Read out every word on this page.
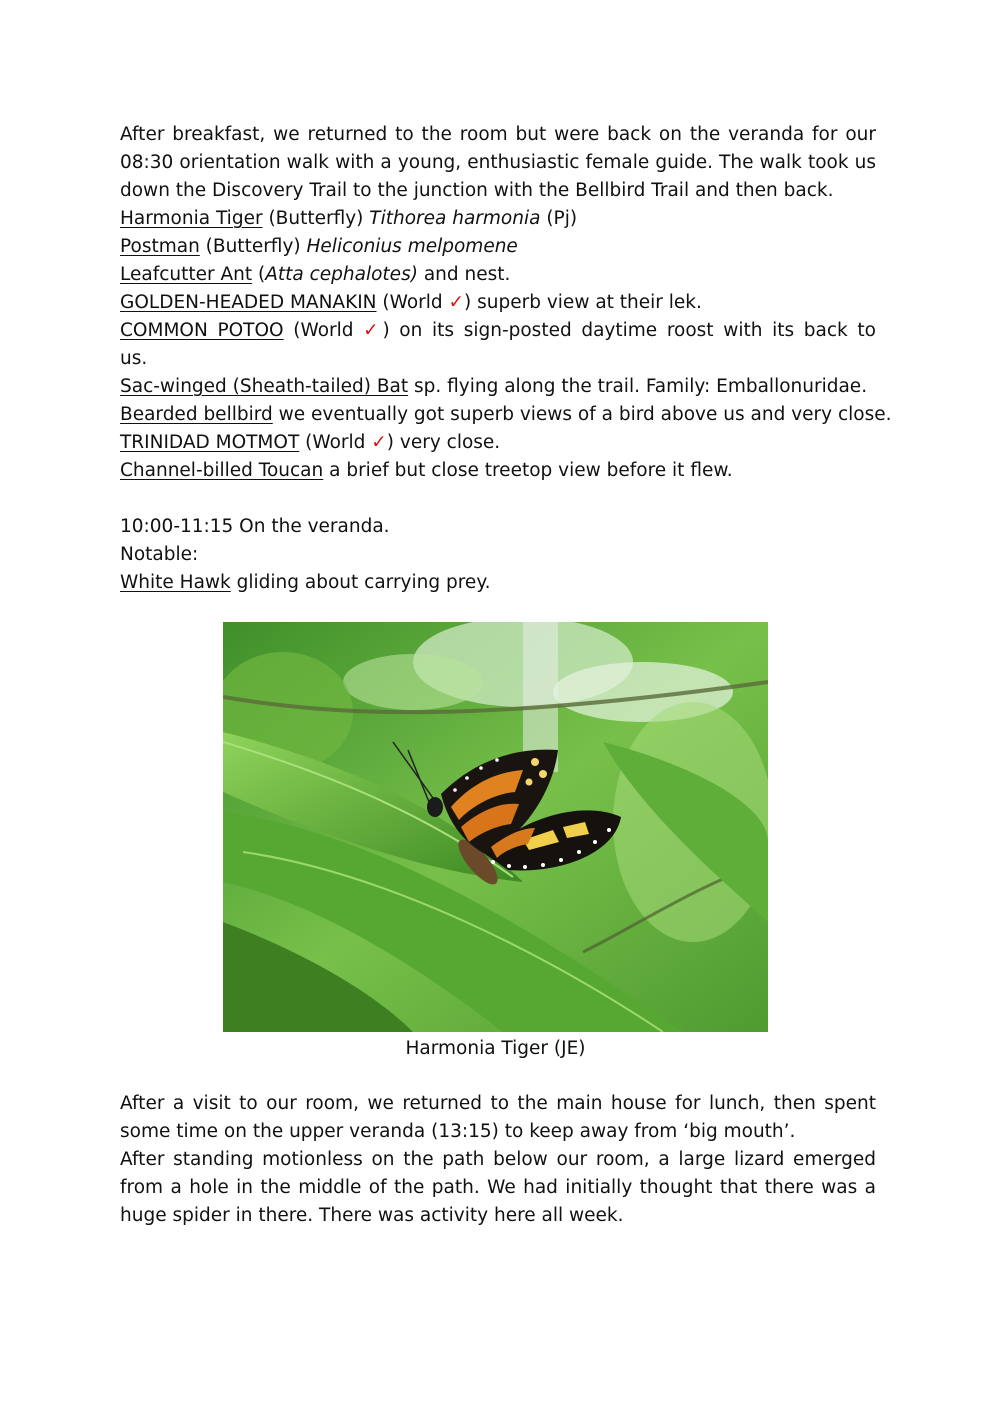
After breakfast, we returned to the room but were back on the veranda for our
08:30 orientation walk with a young, enthusiastic female guide. The walk took us
down the Discovery Trail to the junction with the Bellbird Trail and then back.
Harmonia Tiger (Butterfly) Tithorea harmonia (Pj)
Postman (Butterfly) Heliconius melpomene
Leafcutter Ant (Atta cephalotes) and nest.
GOLDEN-HEADED MANAKIN (World ✓) superb view at their lek.
COMMON POTOO (World ✓) on its sign-posted daytime roost with its back to
us.
Sac-winged (Sheath-tailed) Bat sp. flying along the trail. Family: Emballonuridae.
Bearded bellbird we eventually got superb views of a bird above us and very close.
TRINIDAD MOTMOT (World ✓) very close.
Channel-billed Toucan a brief but close treetop view before it flew.
10:00-11:15 On the veranda.
Notable:
White Hawk gliding about carrying prey.
Harmonia Tiger (JE)
After a visit to our room, we returned to the main house for lunch, then spent
some time on the upper veranda (13:15) to keep away from ‘big mouth’.
After standing motionless on the path below our room, a large lizard emerged
from a hole in the middle of the path. We had initially thought that there was a
huge spider in there. There was activity here all week.
